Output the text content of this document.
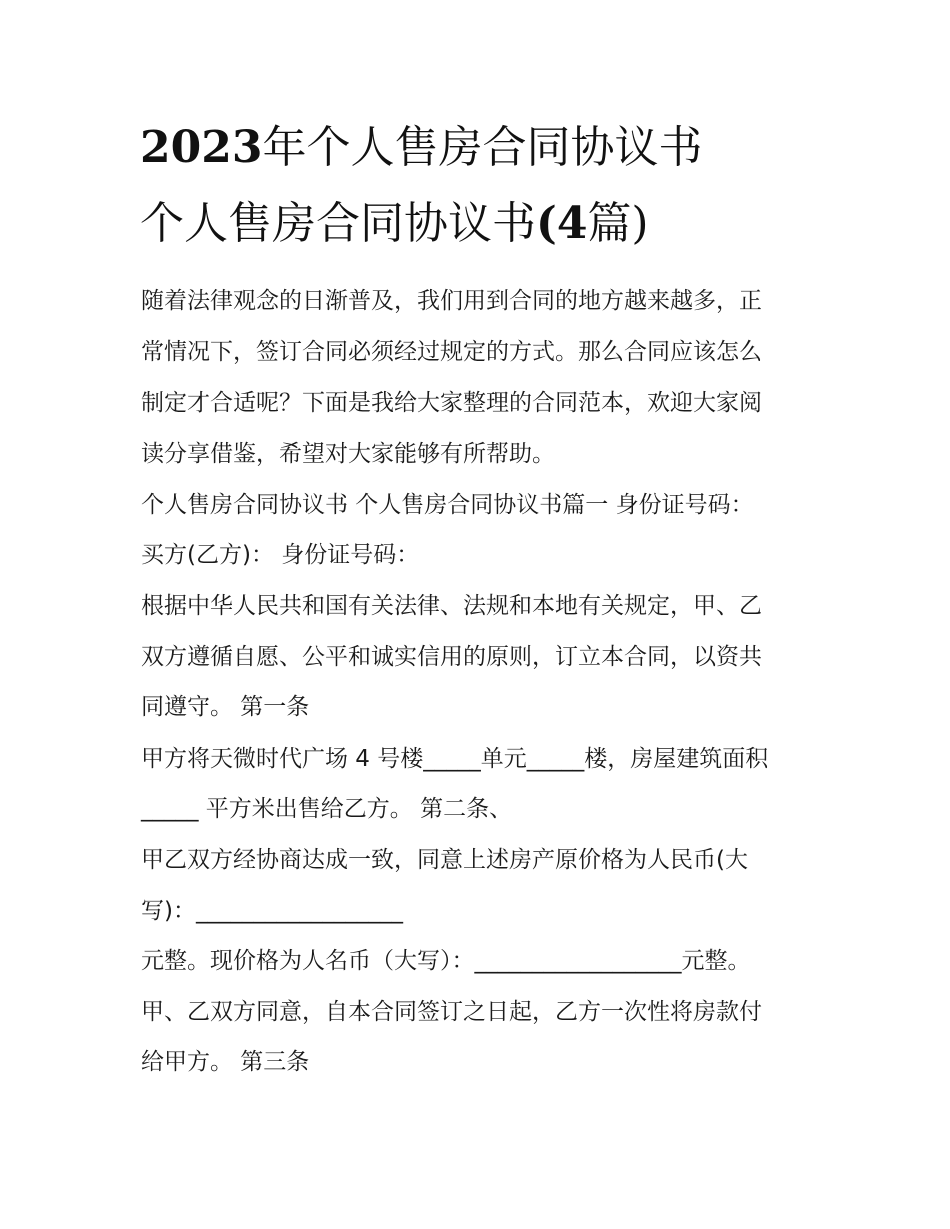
2023年个人售房合同协议书
个人售房合同协议书(4篇)
随着法律观念的日渐普及，我们用到合同的地方越来越多，正
常情况下，签订合同必须经过规定的方式。那么合同应该怎么
制定才合适呢？下面是我给大家整理的合同范本，欢迎大家阅
读分享借鉴，希望对大家能够有所帮助。
个人售房合同协议书 个人售房合同协议书篇一 身份证号码：
买方(乙方)： 身份证号码：
根据中华人民共和国有关法律、法规和本地有关规定，甲、乙
双方遵循自愿、公平和诚实信用的原则，订立本合同，以资共
同遵守。 第一条
甲方将天微时代广场 4 号楼_____单元_____楼，房屋建筑面积
_____ 平方米出售给乙方。 第二条、
甲乙双方经协商达成一致，同意上述房产原价格为人民币(大
写)：__________________
元整。现价格为人名币（大写）：__________________元整。
甲、乙双方同意，自本合同签订之日起，乙方一次性将房款付
给甲方。 第三条
